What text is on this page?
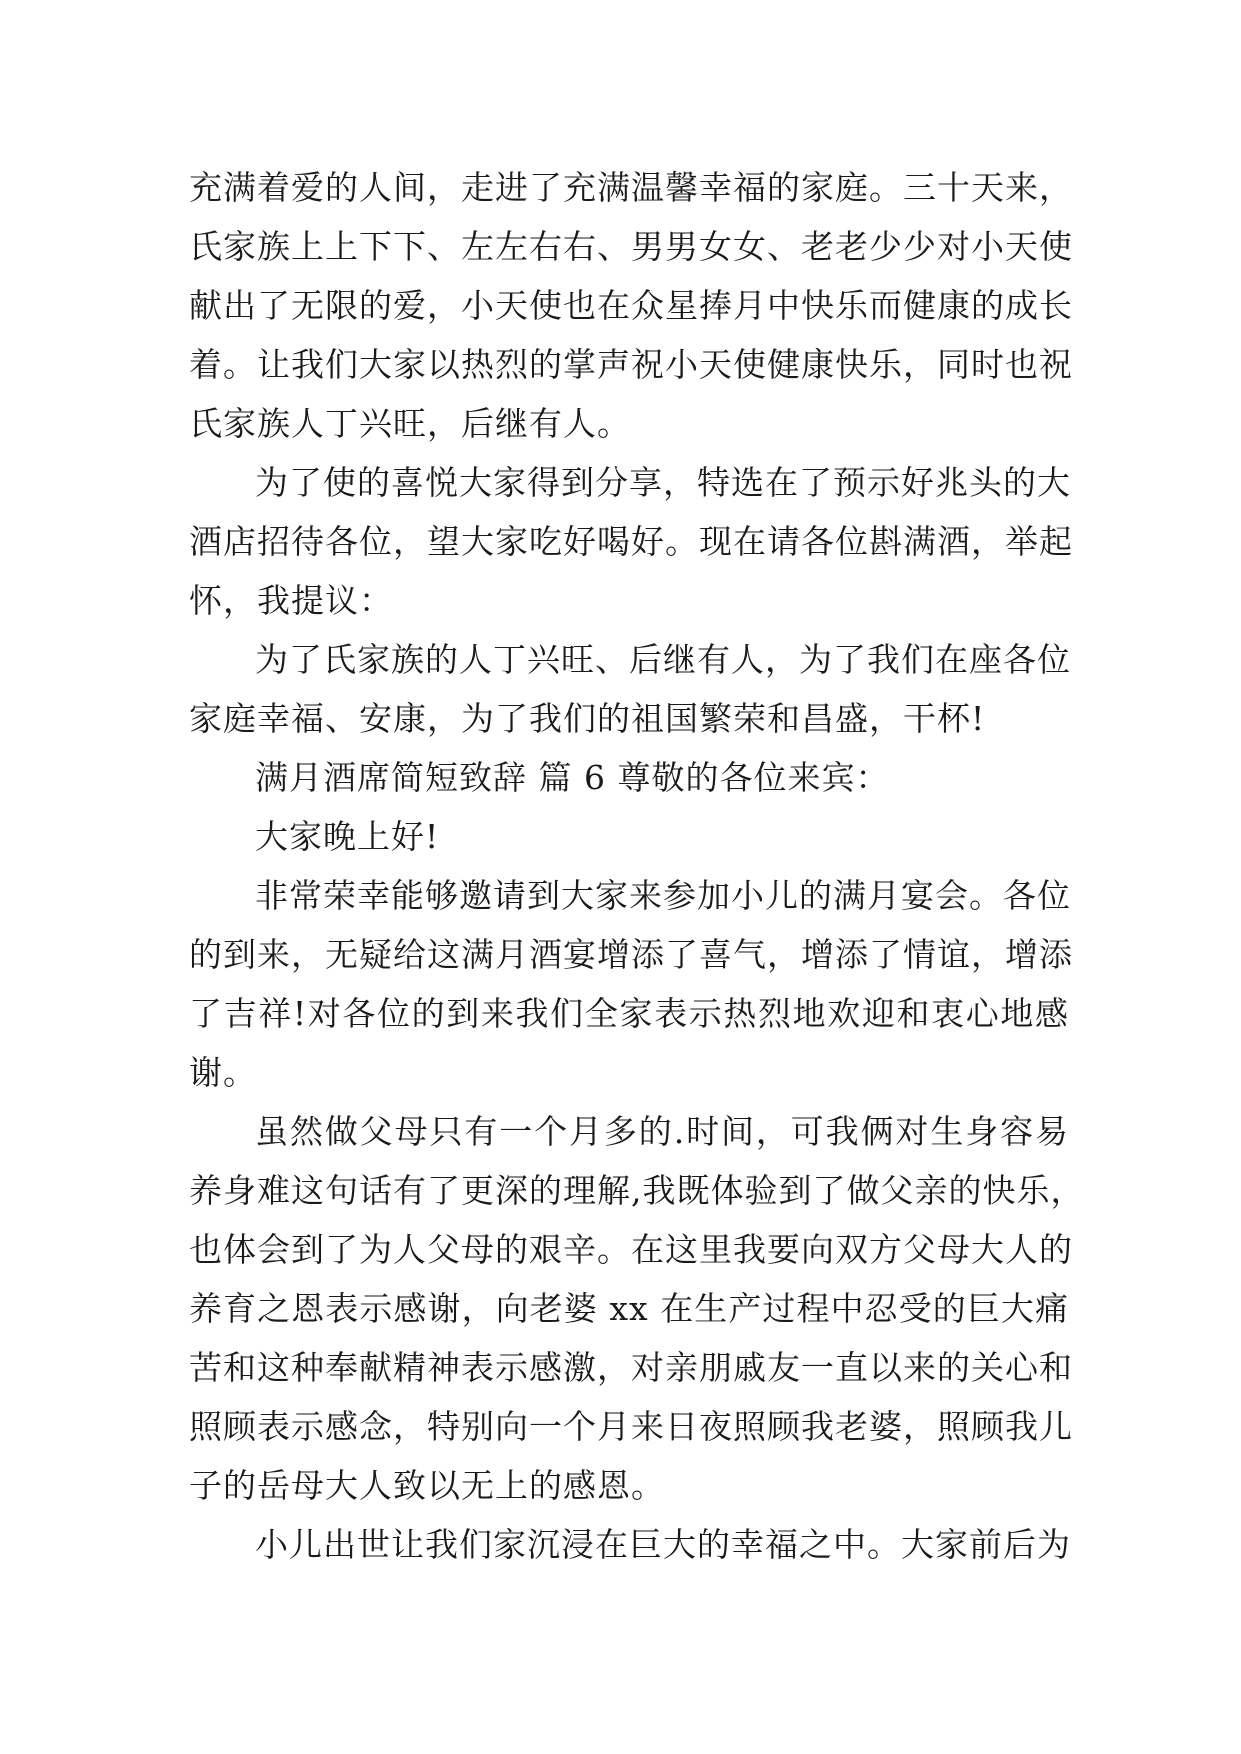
充满着爱的人间，走进了充满温馨幸福的家庭。三十天来，
氏家族上上下下、左左右右、男男女女、老老少少对小天使
献出了无限的爱，小天使也在众星捧月中快乐而健康的成长
着。让我们大家以热烈的掌声祝小天使健康快乐，同时也祝
氏家族人丁兴旺，后继有人。
为了使的喜悦大家得到分享，特选在了预示好兆头的大
酒店招待各位，望大家吃好喝好。现在请各位斟满酒，举起
怀，我提议：
为了氏家族的人丁兴旺、后继有人，为了我们在座各位
家庭幸福、安康，为了我们的祖国繁荣和昌盛，干杯!
满月酒席简短致辞 篇 6 尊敬的各位来宾：
大家晚上好!
非常荣幸能够邀请到大家来参加小儿的满月宴会。各位
的到来，无疑给这满月酒宴增添了喜气，增添了情谊，增添
了吉祥!对各位的到来我们全家表示热烈地欢迎和衷心地感
谢。
虽然做父母只有一个月多的.时间，可我俩对生身容易
养身难这句话有了更深的理解,我既体验到了做父亲的快乐，
也体会到了为人父母的艰辛。在这里我要向双方父母大人的
养育之恩表示感谢，向老婆 xx 在生产过程中忍受的巨大痛
苦和这种奉献精神表示感激，对亲朋戚友一直以来的关心和
照顾表示感念，特别向一个月来日夜照顾我老婆，照顾我儿
子的岳母大人致以无上的感恩。
小儿出世让我们家沉浸在巨大的幸福之中。大家前后为
